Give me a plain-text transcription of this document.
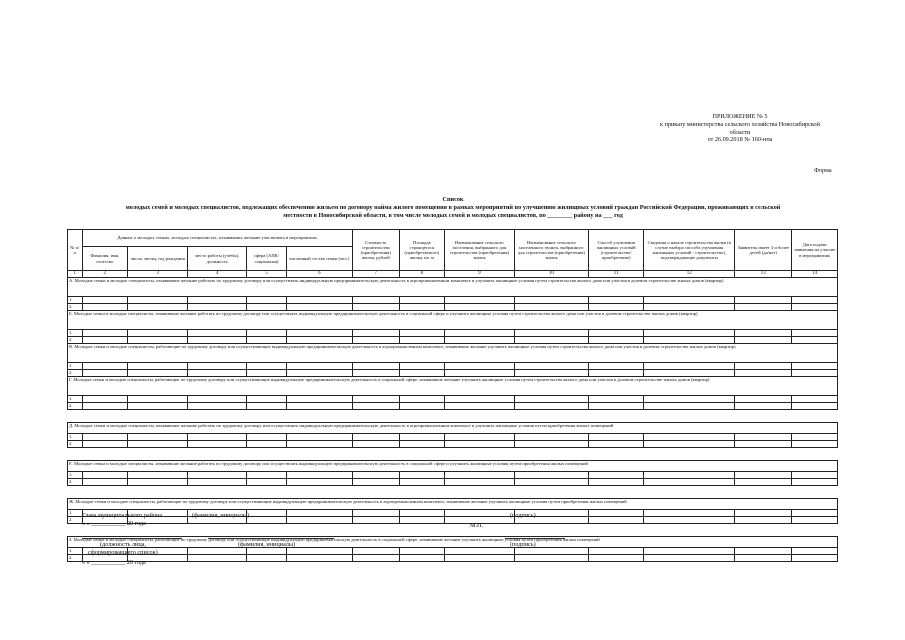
ПРИЛОЖЕНИЕ № 5
к приказу министерства сельского хозяйства Новосибирской
области
от 26.09.2018 № 160-нпа
Форма
Список
молодых семей и молодых специалистов, подлежащих обеспечению жильем по договору найма жилого помещения в рамках мероприятий по улучшению жилищных условий граждан Российской Федерации, проживающих в сельской
местности в Новосибирской области, в том числе молодых семей и молодых специалистов, по ________ району на ___ год
№ п/п	Данные о молодых семьях, молодых специалистах, изъявивших желание участвовать в мероприятиях					Стоимость строительства (приобретения) жилья, рублей	Площадь строящегося (приобретаемого) жилья, кв. м	Наименование сельского поселения, выбранного для строительства (приобретения) жилья	Наименование сельского населенного пункта, выбранного для строительства (приобретения) жилья	Способ улучшения жилищных условий (строительство/приобретение)	Сведения о начале строительства жилья (в случае выбора способа улучшения жилищных условий - строительство), подтверждающие документы	Заявитель имеет 3 и более детей (да/нет)	Дата подачи заявления на участие в мероприятиях
	Фамилия, имя, отчество	число, месяц, год рождения	место работы (учебы), должность	сфера (АПК/социальная)	численный состав семьи (чел.)								
1	2	3	4	5	6	7	8	9	10	11	12	13	14
А. Молодые семьи и молодые специалисты, изъявившие желание работать по трудовому договору или осуществлять индивидуальную предпринимательскую деятельность в агропромышленном комплексе и улучшить жилищные условия путем строительства жилого дома или участия в долевом строительстве жилых домов (квартир)													
1.													
2.													
Б. Молодые семьи и молодые специалисты, изъявившие желание работать по трудовому договору или осуществлять индивидуальную предпринимательскую деятельность в социальной сфере и улучшить жилищные условия путем строительства жилого дома или участия в долевом строительстве жилых домов (квартир)													
1.													
2.													
В. Молодые семьи и молодые специалисты, работающие по трудовому договору или осуществляющие индивидуальную предпринимательскую деятельность в агропромышленном комплексе, изъявившие желание улучшить жилищные условия путем строительства жилого дома или участия в долевом строительстве жилых домов (квартир)													
1.													
2.													
Г. Молодые семьи и молодые специалисты, работающие по трудовому договору или осуществляющие индивидуальную предпринимательскую деятельность в социальной сфере, изъявившие желание улучшить жилищные условия путем строительства жилого дома или участия в долевом строительстве жилых домов (квартир)													
1.													
2.													

Д. Молодые семьи и молодые специалисты, изъявившие желание работать по трудовому договору или осуществлять индивидуальную предпринимательскую деятельность в агропромышленном комплексе и улучшить жилищные условия путем приобретения жилых помещений													
1.													
2.													

Е. Молодые семьи и молодые специалисты, изъявившие желание работать по трудовому договору или осуществлять индивидуальную предпринимательскую деятельность в социальной сфере и улучшить жилищные условия путем приобретения жилых помещений													
1.													
2.													

Ж. Молодые семьи и молодые специалисты, работающие по трудовому договору или осуществляющие индивидуальную предпринимательскую деятельность в агропромышленном комплексе, изъявившие желание улучшить жилищные условия путем приобретения жилых помещений													
1.													
2.													

З. Молодые семьи и молодые специалисты, работающие по трудовому договору или осуществляющие индивидуальную предпринимательскую деятельность в социальной сфере, изъявившие желание улучшить жилищные условия путем приобретения жилых помещений													
1.													
2.													
Глава муниципального района	(фамилия, инициалы)	(подпись)
« » ___________ 20 года	М.П.
(должность лица,	(фамилия, инициалы)	(подпись)
сформировавшего список)
« » ___________ 20 года
